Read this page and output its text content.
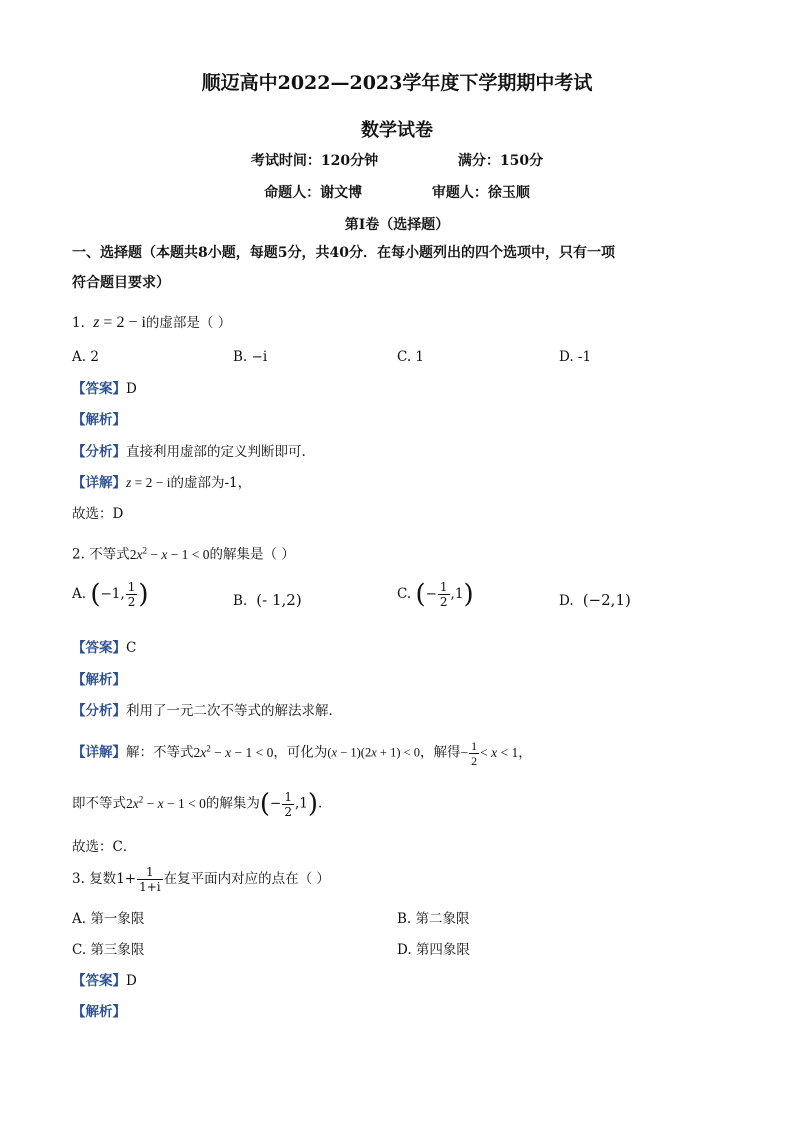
顺迈高中2022—2023学年度下学期期中考试
数学试卷
考试时间：120分钟	满分：150分
命题人：谢文博	审题人：徐玉顺
第I卷（选择题）
一、选择题（本题共8小题，每题5分，共40分．在每小题列出的四个选项中，只有一项
符合题目要求）
1.  z = 2 − i的虚部是（ ）
A. 2	B. −i	C. 1	D. -1
【答案】D
【解析】
【分析】直接利用虚部的定义判断即可.
【详解】z = 2 − i的虚部为-1，
故选：D
2. 不等式$2x^2 - x - 1 < 0$的解集是（ ）
A. (−1, $\frac{1}{2}$ )	B.  (- 1,2)	C. (− $\frac{1}{2} ,1$)	D.  (−2,1)
【答案】C
【解析】
【分析】利用了一元二次不等式的解法求解．
【详解】解：不等式$2x^2 - x - 1 < 0$，可化为(x − 1)(2x + 1) < 0，解得− $\frac{1}{2} < x < 1$，
即不等式$2x^2 - x - 1 < 0$的解集为(− $\frac{1}{2} ,1$).
故选：C．
3. 复数$1+ \frac{1}{1+i}$ 在复平面内对应的点在（ ）
A. 第一象限	B. 第二象限
C. 第三象限	D. 第四象限
【答案】D
【解析】
